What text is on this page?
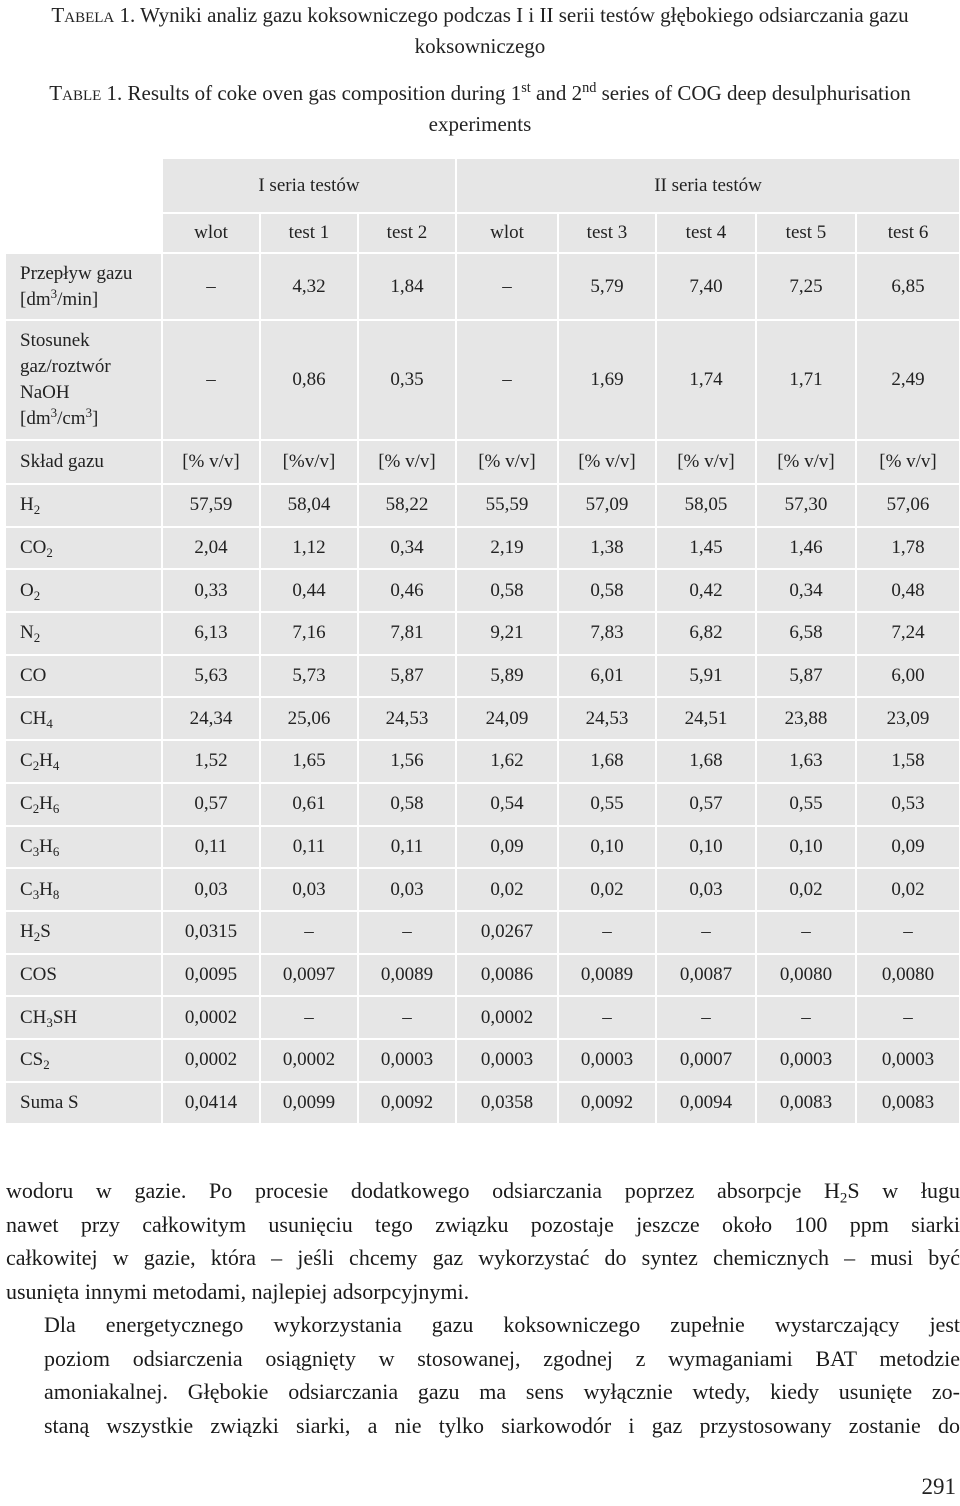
Tabela 1. Wyniki analiz gazu koksowniczego podczas I i II serii testów głębokiego odsiarczania gazu koksowniczego
Table 1. Results of coke oven gas composition during 1st and 2nd series of COG deep desulphurisation experiments
	I seria testów			II seria testów				
	wlot	test 1	test 2	wlot	test 3	test 4	test 5	test 6
Przepływ gazu
$[dm^3/\min]$	–	4,32	1,84	–	5,79	7,40	7,25	6,85
Stosunek
gaz/roztwór
NaOH
$[dm^3/cm^3]$	–	0,86	0,35	–	1,69	1,74	1,71	2,49
Skład gazu	[% v/v]	[%v/v]	[% v/v]	[% v/v]	[% v/v]	[% v/v]	[% v/v]	[% v/v]
$H_2$	57,59	58,04	58,22	55,59	57,09	58,05	57,30	57,06
$CO_2$	2,04	1,12	0,34	2,19	1,38	1,45	1,46	1,78
$O_2$	0,33	0,44	0,46	0,58	0,58	0,42	0,34	0,48
$N_2$	6,13	7,16	7,81	9,21	7,83	6,82	6,58	7,24
CO	5,63	5,73	5,87	5,89	6,01	5,91	5,87	6,00
$CH_4$	24,34	25,06	24,53	24,09	24,53	24,51	23,88	23,09
$C_2H_4$	1,52	1,65	1,56	1,62	1,68	1,68	1,63	1,58
$C_2H_6$	0,57	0,61	0,58	0,54	0,55	0,57	0,55	0,53
$C_3H_6$	0,11	0,11	0,11	0,09	0,10	0,10	0,10	0,09
$C_3H_8$	0,03	0,03	0,03	0,02	0,02	0,03	0,02	0,02
$H_2S$	0,0315	–	–	0,0267	–	–	–	–
COS	0,0095	0,0097	0,0089	0,0086	0,0089	0,0087	0,0080	0,0080
$CH_3SH$	0,0002	–	–	0,0002	–	–	–	–
$CS_2$	0,0002	0,0002	0,0003	0,0003	0,0003	0,0007	0,0003	0,0003
Suma S	0,0414	0,0099	0,0092	0,0358	0,0092	0,0094	0,0083	0,0083
wodoru w gazie. Po procesie dodatkowego odsiarczania poprzez absorpcje $H_2S$ w ługu
nawet przy całkowitym usunięciu tego związku pozostaje jeszcze około 100 ppm siarki
całkowitej w gazie, która – jeśli chcemy gaz wykorzystać do syntez chemicznych – musi być
usunięta innymi metodami, najlepiej adsorpcyjnymi.
Dla energetycznego wykorzystania gazu koksowniczego zupełnie wystarczający jest
poziom odsiarczenia osiągnięty w stosowanej, zgodnej z wymaganiami BAT metodzie
amoniakalnej. Głębokie odsiarczania gazu ma sens wyłącznie wtedy, kiedy usunięte zo-
staną wszystkie związki siarki, a nie tylko siarkowodór i gaz przystosowany zostanie do
291
